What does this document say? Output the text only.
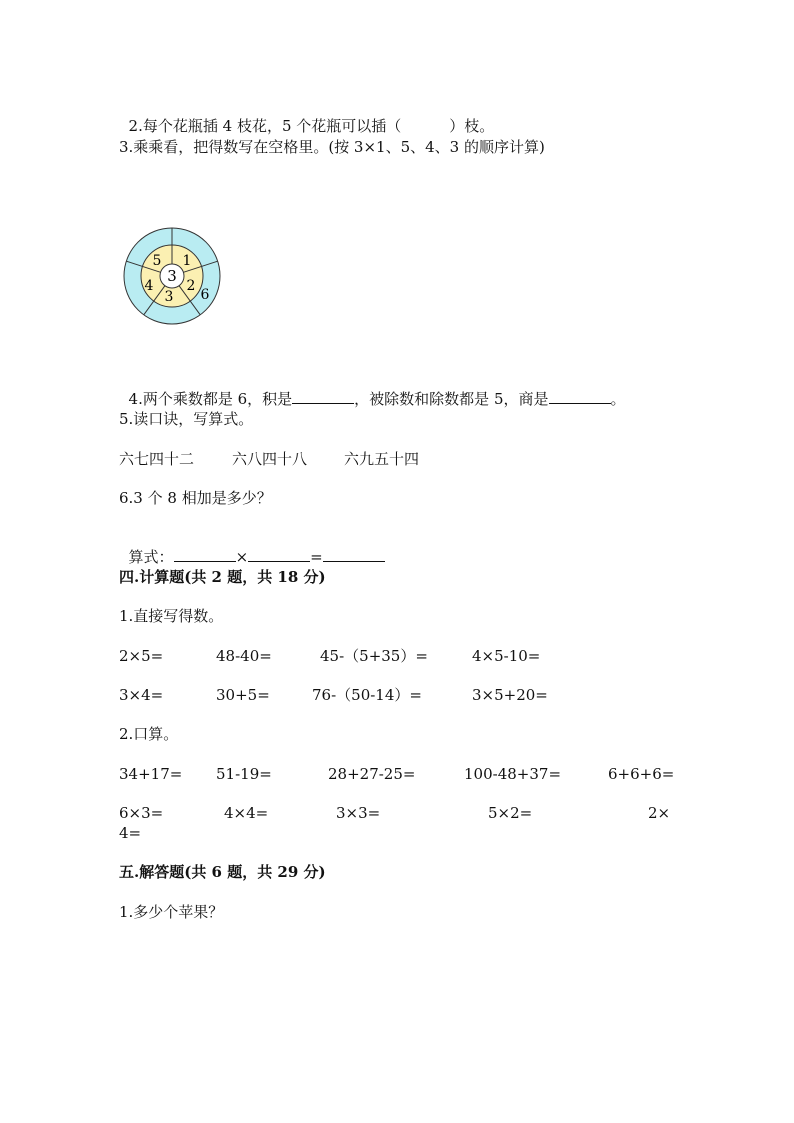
2.每个花瓶插 4 枝花，5 个花瓶可以插（	）枝。

3.乘乘看，把得数写在空格里。(按 3×1、5、4、3 的顺序计算)
3
1
2
3
4
5
6

4.两个乘数都是 6，积是	，被除数和除数都是 5，商是	。

5.读口诀，写算式。
六七四十二	六八四十八 六九五十四
6.3 个 8 相加是多少？

算式：	×	=

四.计算题(共 2 题，共 18 分)
1.直接写得数。
2×5=	48-40=	45-（5+35）=	4×5-10=
3×4=	30+5=	76-（50-14）=	3×5+20=
2.口算。
34+17= 51-19=	28+27-25=	100-48+37=	6+6+6=
6×3=	4×4=	3×3=	5×2=	2×
4=
五.解答题(共 6 题，共 29 分)
1.多少个苹果？
